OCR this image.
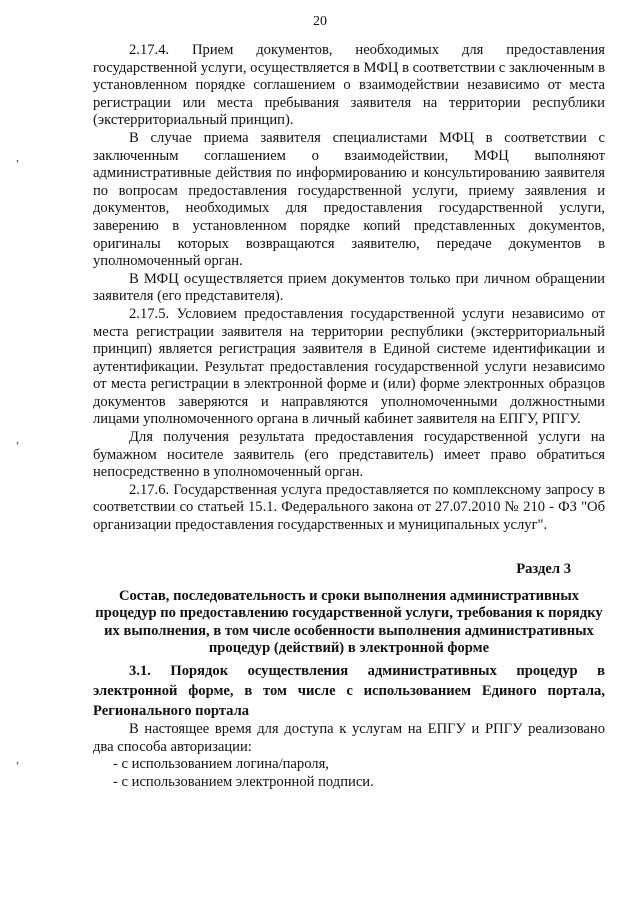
20
,
,
,

2.17.4. Прием документов, необходимых для предоставления государственной услуги, осуществляется в МФЦ в соответствии с заключенным в установленном порядке соглашением о взаимодействии независимо от места регистрации или места пребывания заявителя на территории республики (экстерриториальный принцип).

В случае приема заявителя специалистами МФЦ в соответствии с заключенным соглашением о взаимодействии, МФЦ выполняют административные действия по информированию и консультированию заявителя по вопросам предоставления государственной услуги, приему заявления и документов, необходимых для предоставления государственной услуги, заверению в установленном порядке копий представленных документов, оригиналы которых возвращаются заявителю, передаче документов в уполномоченный орган.

В МФЦ осуществляется прием документов только при личном обращении заявителя (его представителя).

2.17.5. Условием предоставления государственной услуги независимо от места регистрации заявителя на территории республики (экстерриториальный принцип) является регистрация заявителя в Единой системе идентификации и аутентификации. Результат предоставления государственной услуги независимо от места регистрации в электронной форме и (или) форме электронных образцов документов заверяются и направляются уполномоченными должностными лицами уполномоченного органа в личный кабинет заявителя на ЕПГУ, РПГУ.

Для получения результата предоставления государственной услуги на бумажном носителе заявитель (его представитель) имеет право обратиться непосредственно в уполномоченный орган.

2.17.6. Государственная услуга предоставляется по комплексному запросу в соответствии со статьей 15.1. Федерального закона от 27.07.2010 № 210 - ФЗ "Об организации предоставления государственных и муниципальных услуг".

Раздел 3

Состав, последовательность и сроки выполнения административных процедур по предоставлению государственной услуги, требования к порядку их выполнения, в том числе особенности выполнения административных процедур (действий) в электронной форме

3.1. Порядок осуществления административных процедур в электронной форме, в том числе с использованием Единого портала, Регионального портала

В настоящее время для доступа к услугам на ЕПГУ и РПГУ реализовано два способа авторизации:

- с использованием логина/пароля,

- с использованием электронной подписи.
